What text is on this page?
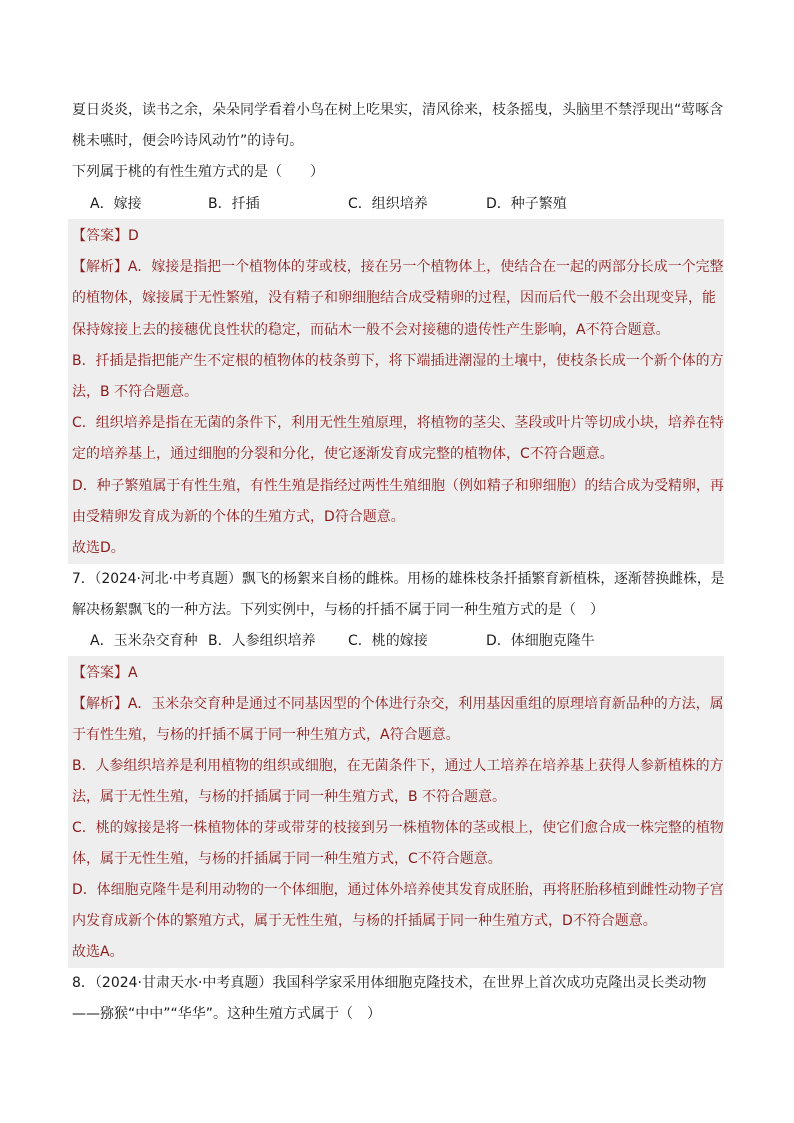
夏日炎炎，读书之余，朵朵同学看着小鸟在树上吃果实，清风徐来，枝条摇曳，头脑里不禁浮现出“莺啄含
桃未嚥时，便会吟诗风动竹”的诗句。
下列属于桃的有性生殖方式的是（　　）
A．嫁接	B．扦插	C．组织培养	D．种子繁殖
【答案】D
【解析】A．嫁接是指把一个植物体的芽或枝，接在另一个植物体上，使结合在一起的两部分长成一个完整
的植物体，嫁接属于无性繁殖，没有精子和卵细胞结合成受精卵的过程，因而后代一般不会出现变异，能
保持嫁接上去的接穗优良性状的稳定，而砧木一般不会对接穗的遗传性产生影响，A不符合题意。
B．扦插是指把能产生不定根的植物体的枝条剪下，将下端插进潮湿的土壤中，使枝条长成一个新个体的方
法，B 不符合题意。
C．组织培养是指在无菌的条件下，利用无性生殖原理，将植物的茎尖、茎段或叶片等切成小块，培养在特
定的培养基上，通过细胞的分裂和分化，使它逐渐发育成完整的植物体，C不符合题意。
D．种子繁殖属于有性生殖，有性生殖是指经过两性生殖细胞（例如精子和卵细胞）的结合成为受精卵，再
由受精卵发育成为新的个体的生殖方式，D符合题意。
故选D。
7．（2024·河北·中考真题）飘飞的杨絮来自杨的雌株。用杨的雄株枝条扦插繁育新植株，逐渐替换雌株，是
解决杨絮飘飞的一种方法。下列实例中，与杨的扦插不属于同一种生殖方式的是（　）
A．玉米杂交育种 B．人参组织培养 C．桃的嫁接	D．体细胞克隆牛
【答案】A
【解析】A．玉米杂交育种是通过不同基因型的个体进行杂交，利用基因重组的原理培育新品种的方法，属
于有性生殖，与杨的扦插不属于同一种生殖方式，A符合题意。
B．人参组织培养是利用植物的组织或细胞，在无菌条件下，通过人工培养在培养基上获得人参新植株的方
法，属于无性生殖，与杨的扦插属于同一种生殖方式，B 不符合题意。
C．桃的嫁接是将一株植物体的芽或带芽的枝接到另一株植物体的茎或根上，使它们愈合成一株完整的植物
体，属于无性生殖，与杨的扦插属于同一种生殖方式，C不符合题意。
D．体细胞克隆牛是利用动物的一个体细胞，通过体外培养使其发育成胚胎，再将胚胎移植到雌性动物子宫
内发育成新个体的繁殖方式，属于无性生殖，与杨的扦插属于同一种生殖方式，D不符合题意。
故选A。
8．（2024·甘肃天水·中考真题）我国科学家采用体细胞克隆技术，在世界上首次成功克隆出灵长类动物
——猕猴“中中”“华华”。这种生殖方式属于（　）
